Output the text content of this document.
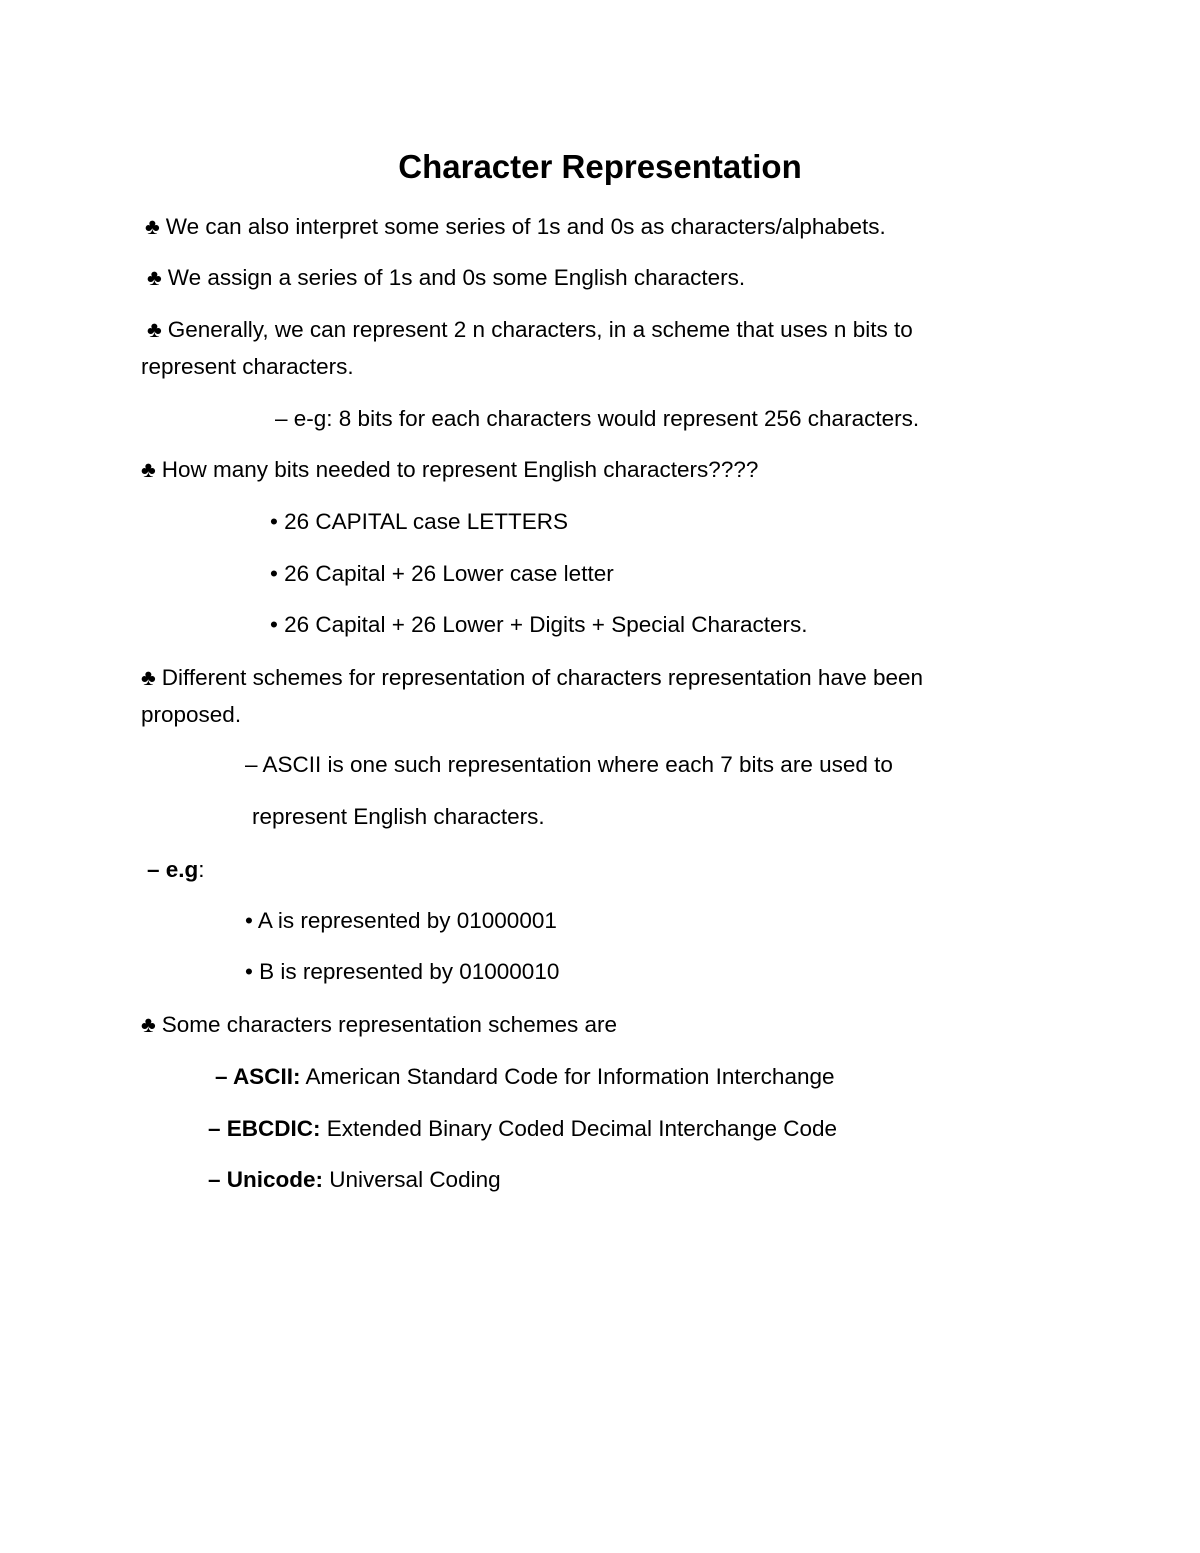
Character Representation
♣ We can also interpret some series of 1s and 0s as characters/alphabets.
♣ We assign a series of 1s and 0s some English characters.
♣ Generally, we can represent 2 n characters, in a scheme that uses n bits to
represent characters.
– e-g: 8 bits for each characters would represent 256 characters.
♣ How many bits needed to represent English characters????
• 26 CAPITAL case LETTERS
• 26 Capital + 26 Lower case letter
• 26 Capital + 26 Lower + Digits + Special Characters.
♣ Different schemes for representation of characters representation have been
proposed.
– ASCII is one such representation where each 7 bits are used to
represent English characters.
– e.g:
• A is represented by 01000001
• B is represented by 01000010
♣ Some characters representation schemes are
– ASCII: American Standard Code for Information Interchange
– EBCDIC: Extended Binary Coded Decimal Interchange Code
– Unicode: Universal Coding
